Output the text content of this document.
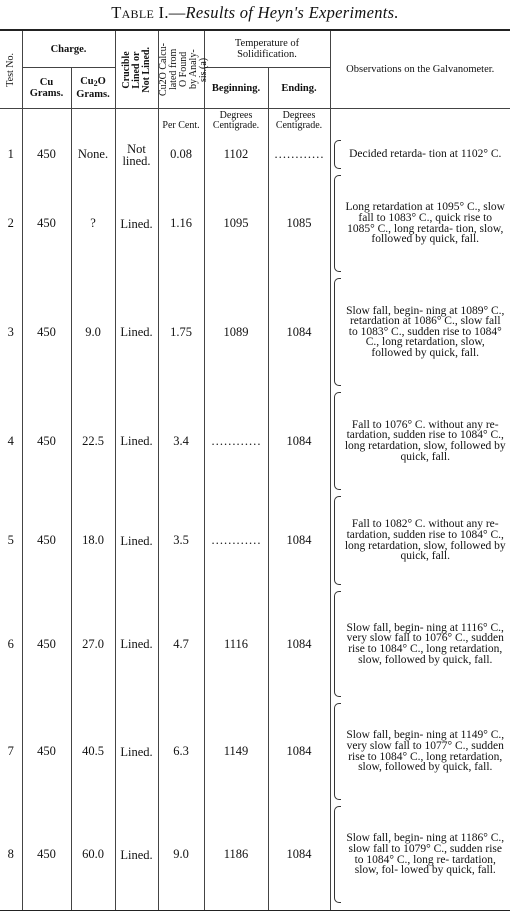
Table I.—Results of Heyn's Experiments.
Test No.	Charge.		Crucible
Lined or
Not Lined.	Cu2O Calcu-
lated from
O Found
by Analy-
sis.(a)	Temperature of Solidification.		Observations on the Galvanometer.
	Cu
Grams.	$Cu_2O$
Grams.			Beginning.	Ending.	

				Per Cent.	Degrees
Centigrade.	Degrees
Centigrade.	

1	450	None.	Not lined.	0.08	1102	…………	Decided retarda- tion at 1102° C.
2	450	?	Lined.	1.16	1095	1085	Long retardation at 1095° C., slow fall to 1083° C., quick rise to 1085° C., long retarda- tion, slow, followed by quick, fall.
3	450	9.0	Lined.	1.75	1089	1084	Slow fall, begin- ning at 1089° C., retardation at 1086° C., slow fall to 1083° C., sudden rise to 1084° C., long retardation, slow, followed by quick, fall.
4	450	22.5	Lined.	3.4	…………	1084	Fall to 1076° C. without any re- tardation, sudden rise to 1084° C., long retardation, slow, followed by quick, fall.
5	450	18.0	Lined.	3.5	…………	1084	Fall to 1082° C. without any re- tardation, sudden rise to 1084° C., long retardation, slow, followed by quick, fall.
6	450	27.0	Lined.	4.7	1116	1084	Slow fall, begin- ning at 1116° C., very slow fall to 1076° C., sudden rise to 1084° C., long retardation, slow, followed by quick, fall.
7	450	40.5	Lined.	6.3	1149	1084	Slow fall, begin- ning at 1149° C., very slow fall to 1077° C., sudden rise to 1084° C., long retardation, slow, followed by quick, fall.
8	450	60.0	Lined.	9.0	1186	1084	Slow fall, begin- ning at 1186° C., slow fall to 1079° C., sudden rise to 1084° C., long re- tardation, slow, fol- lowed by quick, fall.
